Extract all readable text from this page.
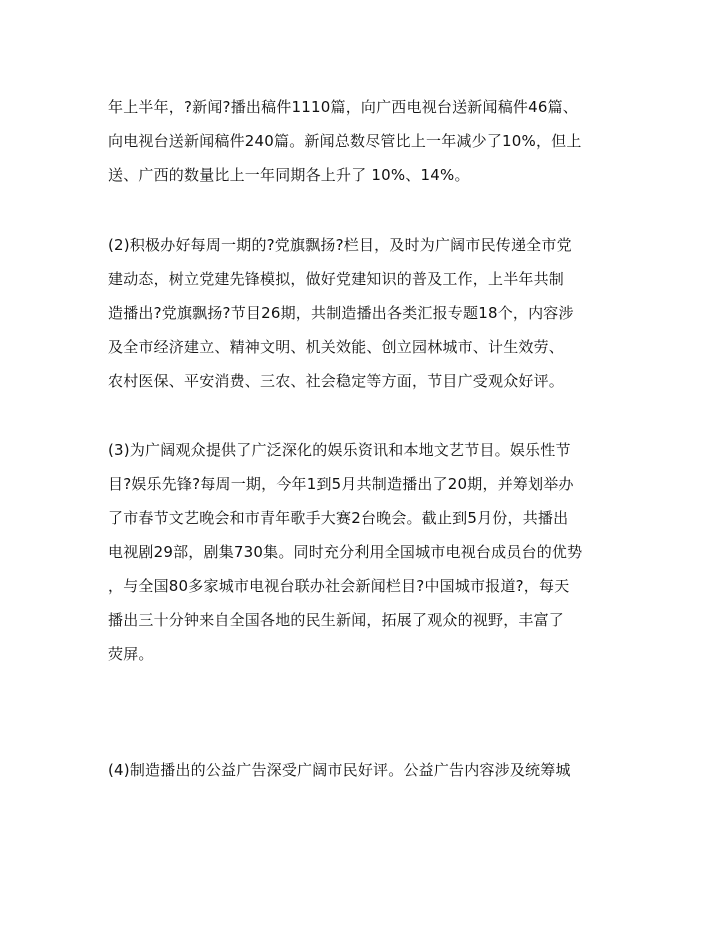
年上半年，?新闻?播出稿件1110篇，向广西电视台送新闻稿件46篇、
向电视台送新闻稿件240篇。新闻总数尽管比上一年减少了10%，但上
送、广西的数量比上一年同期各上升了 10%、14%。
(2)积极办好每周一期的?党旗飘扬?栏目，及时为广阔市民传递全市党
建动态，树立党建先锋模拟，做好党建知识的普及工作，上半年共制
造播出?党旗飘扬?节目26期，共制造播出各类汇报专题18个，内容涉
及全市经济建立、精神文明、机关效能、创立园林城市、计生效劳、
农村医保、平安消费、三农、社会稳定等方面，节目广受观众好评。
(3)为广阔观众提供了广泛深化的娱乐资讯和本地文艺节目。娱乐性节
目?娱乐先锋?每周一期，今年1到5月共制造播出了20期，并筹划举办
了市春节文艺晚会和市青年歌手大赛2台晚会。截止到5月份，共播出
电视剧29部，剧集730集。同时充分利用全国城市电视台成员台的优势
，与全国80多家城市电视台联办社会新闻栏目?中国城市报道?，每天
播出三十分钟来自全国各地的民生新闻，拓展了观众的视野，丰富了
荧屏。
(4)制造播出的公益广告深受广阔市民好评。公益广告内容涉及统筹城
